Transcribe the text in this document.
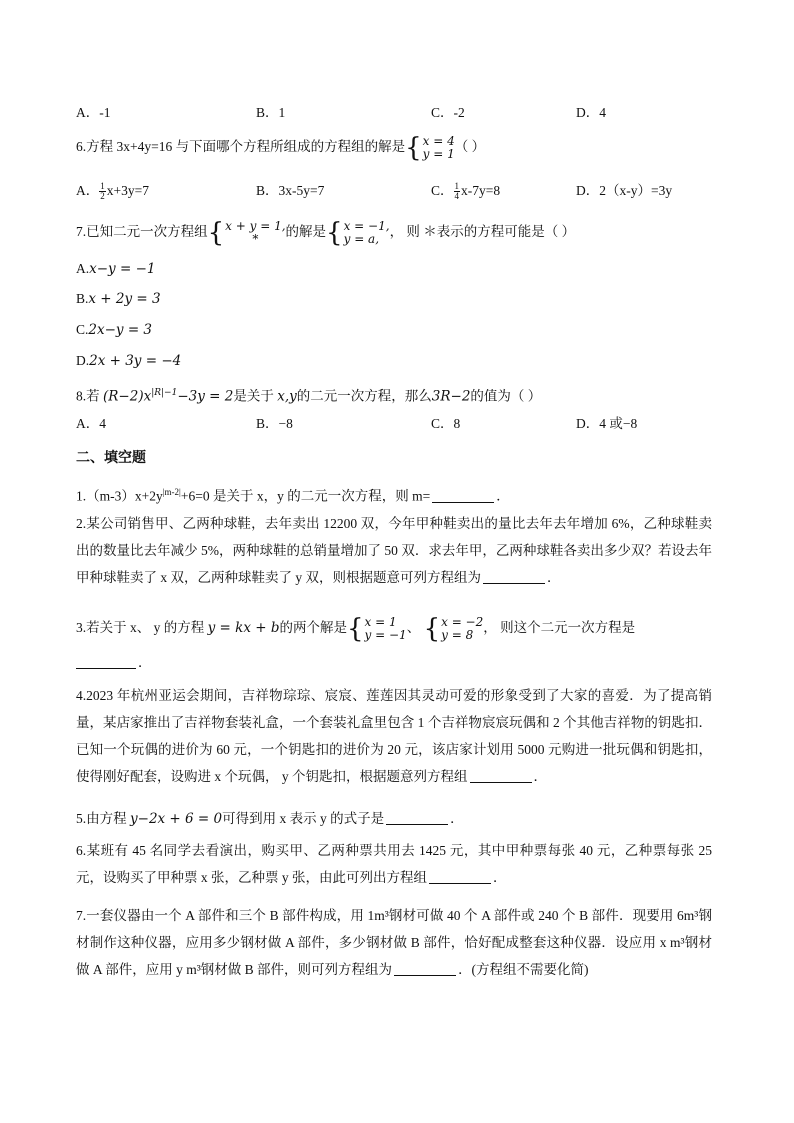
A．-1	B．1	C．-2	D．4
6.方程 3x+4y=16 与下面哪个方程所组成的方程组的解是{ x = 4
y = 1 （ ）
A． $\frac{1}{2} x+3y=7$	B．3x-5y=7	C． $\frac{1}{4} x-7y=8$	D．2（x-y）=3y
7.已知二元一次方程组{ x + y = 1,
*	的解是{ x = −1,
y = a, ， 则 ＊表示的方程可能是（ ）
A.x−y = −1
B.x + 2y = 3
C.2x−y = 3
D.2x + 3y = −4
8.若 $(R-2)x^{|R|-1}-3y = 2$是关于 x,y的二元一次方程，那么3R−2的值为（ ）
A．4	B．−8	C．8	D．4 或−8
二、填空题
$1.(m-3)x+2y^{|m-2|}+6=0$ 是关于 x，y 的二元一次方程，则 m=	．
2.某公司销售甲、乙两种球鞋，去年卖出 12200 双，今年甲种鞋卖出的量比去年去年增加 6%，乙种球鞋卖出的数量比去年减少 5%，两种球鞋的总销量增加了 50 双．求去年甲，乙两种球鞋各卖出多少双？若设去年甲种球鞋卖了 x 双，乙两种球鞋卖了 y 双，则根据题意可列方程组为	．
3.若关于 x、 y 的方程 y = kx + b的两个解是{ x = 1
y = −1 、 { x = −2
y = 8 ， 则这个二元一次方程是
．
4.2023 年杭州亚运会期间，吉祥物琮琮、宸宸、莲莲因其灵动可爱的形象受到了大家的喜爱．为了提高销量，某店家推出了吉祥物套装礼盒，一个套装礼盒里包含 1 个吉祥物宸宸玩偶和 2 个其他吉祥物的钥匙扣．已知一个玩偶的进价为 60 元，一个钥匙扣的进价为 20 元，该店家计划用 5000 元购进一批玩偶和钥匙扣，使得刚好配套，设购进 x 个玩偶， y 个钥匙扣，根据题意列方程组	．
5.由方程 y−2x + 6 = 0可得到用 x 表示 y 的式子是	．
6.某班有 45 名同学去看演出，购买甲、乙两种票共用去 1425 元，其中甲种票每张 40 元，乙种票每张 25 元，设购买了甲种票 x 张，乙种票 y 张，由此可列出方程组	．
7.一套仪器由一个 A 部件和三个 B 部件构成，用 1m³钢材可做 40 个 A 部件或 240 个 B 部件．现要用 6m³钢材制作这种仪器，应用多少钢材做 A 部件，多少钢材做 B 部件，恰好配成整套这种仪器．设应用 x m³钢材做 A 部件，应用 y m³钢材做 B 部件，则可列方程组为	．(方程组不需要化简)
